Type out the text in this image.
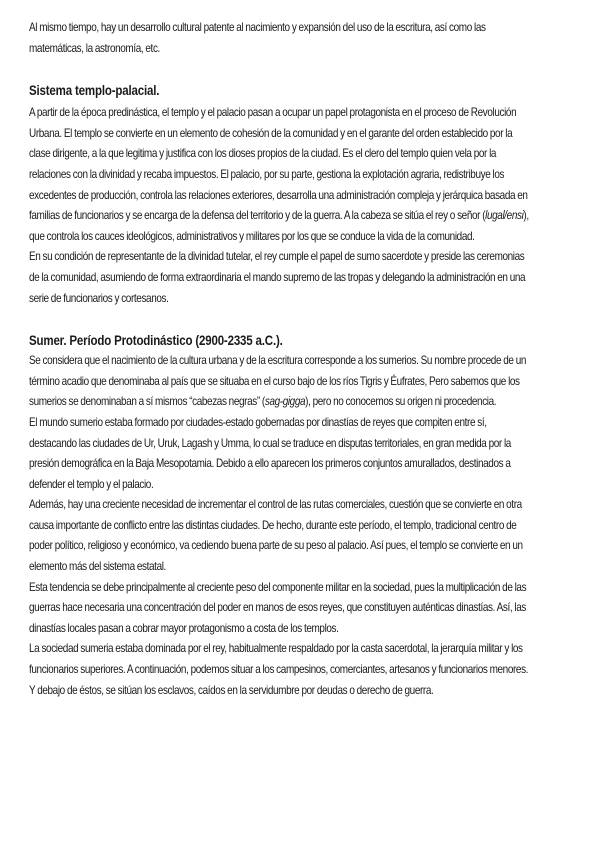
Al mismo tiempo, hay un desarrollo cultural patente al nacimiento y expansión del uso de la escritura, así como las matemáticas, la astronomía, etc.

Sistema templo-palacial.

A partir de la época predinástica, el templo y el palacio pasan a ocupar un papel protagonista en el proceso de Revolución Urbana. El templo se convierte en un elemento de cohesión de la comunidad y en el garante del orden establecido por la clase dirigente, a la que legitima y justifica con los dioses propios de la ciudad. Es el clero del templo quien vela por la relaciones con la divinidad y recaba impuestos. El palacio, por su parte, gestiona la explotación agraria, redistribuye los excedentes de producción, controla las relaciones exteriores, desarrolla una administración compleja y jerárquica basada en familias de funcionarios y se encarga de la defensa del territorio y de la guerra. A la cabeza se sitúa el rey o señor (lugal/ensi), que controla los cauces ideológicos, administrativos y militares por los que se conduce la vida de la comunidad.

En su condición de representante de la divinidad tutelar, el rey cumple el papel de sumo sacerdote y preside las ceremonias de la comunidad, asumiendo de forma extraordinaria el mando supremo de las tropas y delegando la administración en una serie de funcionarios y cortesanos.

Sumer. Período Protodinástico (2900-2335 a.C.).

Se considera que el nacimiento de la cultura urbana y de la escritura corresponde a los sumerios. Su nombre procede de un término acadio que denominaba al país que se situaba en el curso bajo de los ríos Tigris y Éufrates, Pero sabemos que los sumerios se denominaban a sí mismos “cabezas negras” (sag-gigga), pero no conocemos su origen ni procedencia.

El mundo sumerio estaba formado por ciudades-estado gobernadas por dinastías de reyes que compiten entre sí, destacando las ciudades de Ur, Uruk, Lagash y Umma, lo cual se traduce en disputas territoriales, en gran medida por la presión demográfica en la Baja Mesopotamia. Debido a ello aparecen los primeros conjuntos amurallados, destinados a defender el templo y el palacio.

Además, hay una creciente necesidad de incrementar el control de las rutas comerciales, cuestión que se convierte en otra causa importante de conflicto entre las distintas ciudades. De hecho, durante este período, el templo, tradicional centro de poder político, religioso y económico, va cediendo buena parte de su peso al palacio. Así pues, el templo se convierte en un elemento más del sistema estatal.

Esta tendencia se debe principalmente al creciente peso del componente militar en la sociedad, pues la multiplicación de las guerras hace necesaria una concentración del poder en manos de esos reyes, que constituyen auténticas dinastías. Así, las dinastías locales pasan a cobrar mayor protagonismo a costa de los templos.

La sociedad sumeria estaba dominada por el rey, habitualmente respaldado por la casta sacerdotal, la jerarquía militar y los funcionarios superiores. A continuación, podemos situar a los campesinos, comerciantes, artesanos y funcionarios menores. Y debajo de éstos, se sitúan los esclavos, caídos en la servidumbre por deudas o derecho de guerra.
